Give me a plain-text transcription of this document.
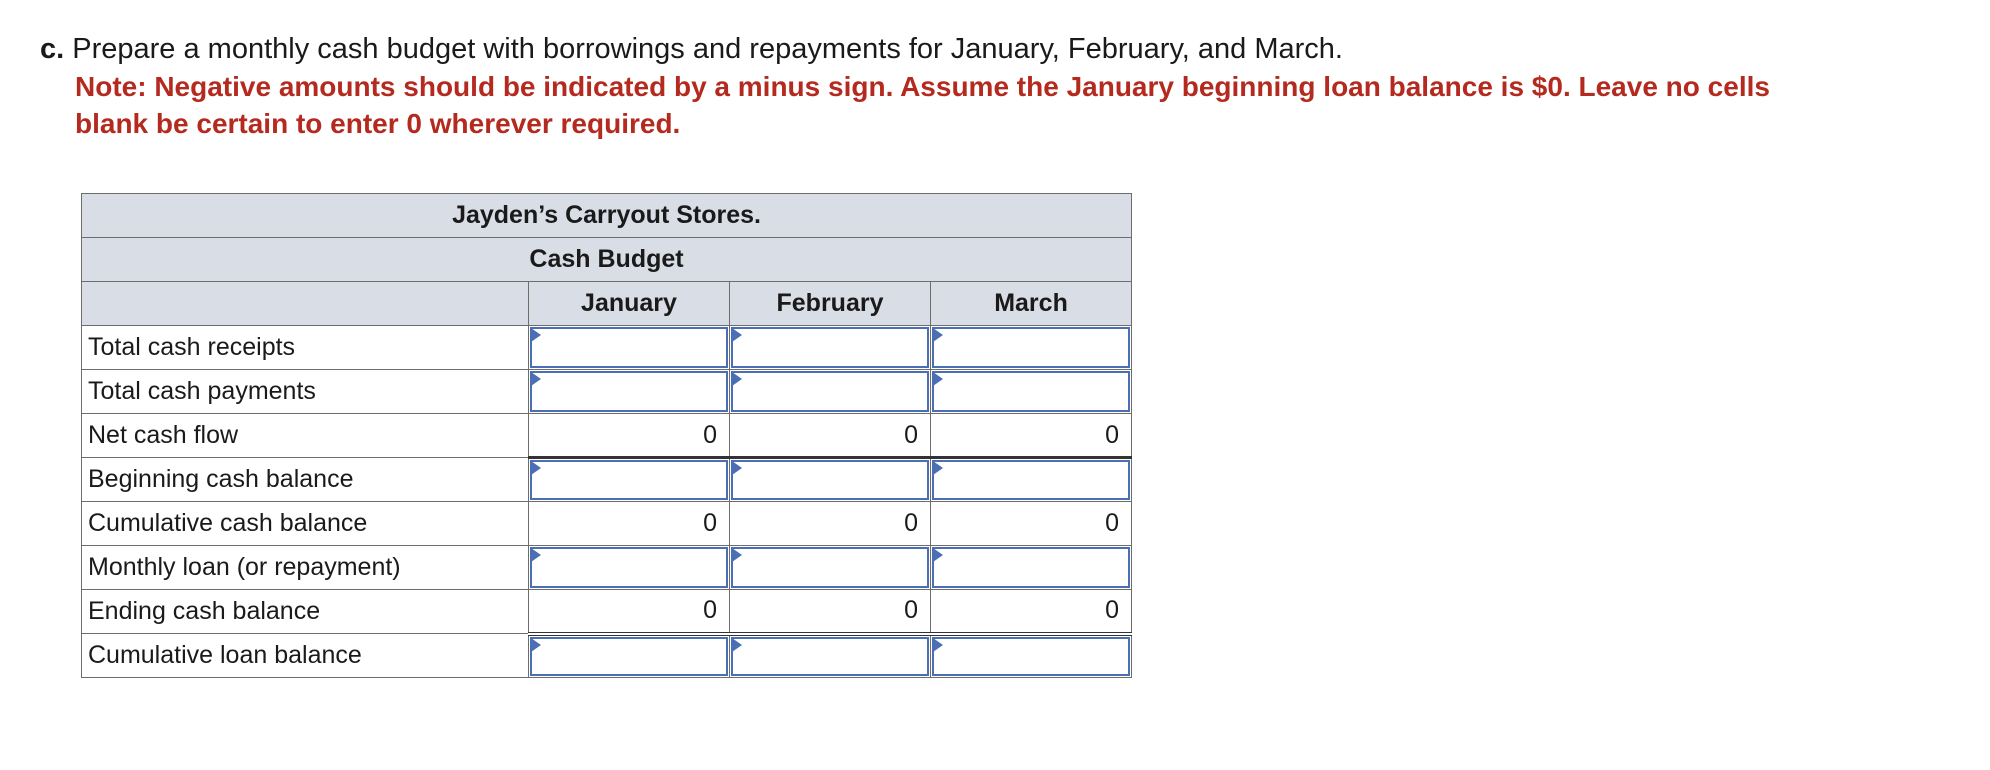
c. Prepare a monthly cash budget with borrowings and repayments for January, February, and March.
Note: Negative amounts should be indicated by a minus sign. Assume the January beginning loan balance is $0. Leave no cells
blank be certain to enter 0 wherever required.
Jayden’s Carryout Stores.			
Cash Budget			
	January	February	March
Total cash receipts	

Total cash payments	

Net cash flow	0	0	0
Beginning cash balance	

Cumulative cash balance	0	0	0
Monthly loan (or repayment)	

Ending cash balance	0	0	0
Cumulative loan balance	
